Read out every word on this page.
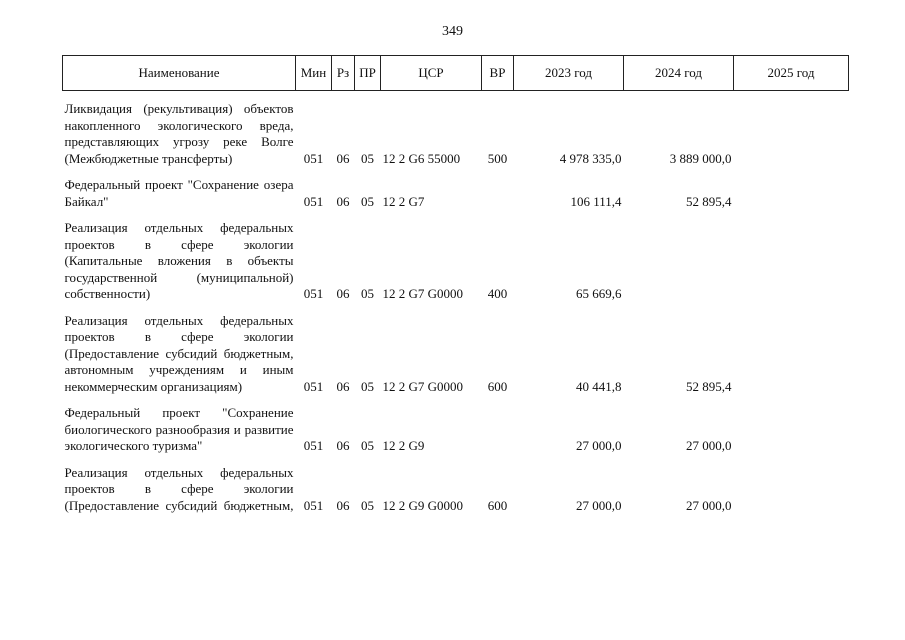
349
Наименование	Мин	Рз	ПР	ЦСР	ВР	2023 год	2024 год	2025 год
Ликвидация (рекультивация) объектов накопленного экологического вреда, представляющих угрозу реке Волге (Межбюджетные трансферты)	051	06	05	12 2 G6 55000	500	4 978 335,0	3 889 000,0	
Федеральный проект "Сохранение озера Байкал"	051	06	05	12 2 G7		106 111,4	52 895,4	
Реализация отдельных федеральных проектов в сфере экологии (Капитальные вложения в объекты государственной (муниципальной) собственности)	051	06	05	12 2 G7 G0000	400	65 669,6		
Реализация отдельных федеральных проектов в сфере экологии (Предоставление субсидий бюджетным, автономным учреждениям и иным некоммерческим организациям)	051	06	05	12 2 G7 G0000	600	40 441,8	52 895,4	
Федеральный проект "Сохранение биологического разнообразия и развитие экологического туризма"	051	06	05	12 2 G9		27 000,0	27 000,0	
Реализация отдельных федеральных проектов в сфере экологии (Предоставление субсидий бюджетным,	051	06	05	12 2 G9 G0000	600	27 000,0	27 000,0	
